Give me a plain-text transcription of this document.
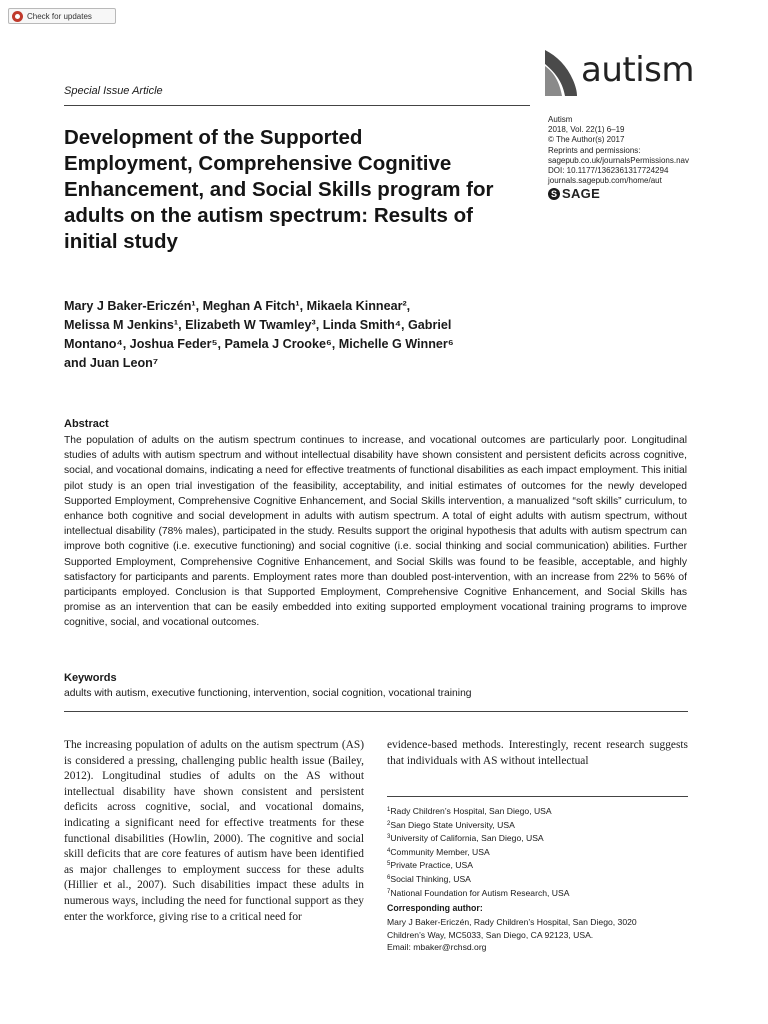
Check for updates
autism
Special Issue Article
Autism
2018, Vol. 22(1) 6–19
© The Author(s) 2017
Reprints and permissions:
sagepub.co.uk/journalsPermissions.nav
DOI: 10.1177/1362361317724294
journals.sagepub.com/home/aut
S SAGE
Development of the Supported
Employment, Comprehensive Cognitive
Enhancement, and Social Skills program for
adults on the autism spectrum: Results of
initial study
Mary J Baker-Ericzén¹, Meghan A Fitch¹, Mikaela Kinnear²,
Melissa M Jenkins¹, Elizabeth W Twamley³, Linda Smith⁴, Gabriel
Montano⁴, Joshua Feder⁵, Pamela J Crooke⁶, Michelle G Winner⁶
and Juan Leon⁷
Abstract

The population of adults on the autism spectrum continues to increase, and vocational outcomes are particularly poor. Longitudinal studies of adults with autism spectrum and without intellectual disability have shown consistent and persistent deficits across cognitive, social, and vocational domains, indicating a need for effective treatments of functional disabilities as each impact employment. This initial pilot study is an open trial investigation of the feasibility, acceptability, and initial estimates of outcomes for the newly developed Supported Employment, Comprehensive Cognitive Enhancement, and Social Skills intervention, a manualized “soft skills” curriculum, to enhance both cognitive and social development in adults with autism spectrum. A total of eight adults with autism spectrum, without intellectual disability (78% males), participated in the study. Results support the original hypothesis that adults with autism spectrum can improve both cognitive (i.e. executive functioning) and social cognitive (i.e. social thinking and social communication) abilities. Further Supported Employment, Comprehensive Cognitive Enhancement, and Social Skills was found to be feasible, acceptable, and highly satisfactory for participants and parents. Employment rates more than doubled post-intervention, with an increase from 22% to 56% of participants employed. Conclusion is that Supported Employment, Comprehensive Cognitive Enhancement, and Social Skills has promise as an intervention that can be easily embedded into exiting supported employment vocational training programs to improve cognitive, social, and vocational outcomes.

Keywords
adults with autism, executive functioning, intervention, social cognition, vocational training

The increasing population of adults on the autism spectrum (AS) is considered a pressing, challenging public health issue (Bailey, 2012). Longitudinal studies of adults on the AS without intellectual disability have shown consistent and persistent deficits across cognitive, social, and vocational domains, indicating a significant need for effective treatments for these functional disabilities (Howlin, 2000). The cognitive and social skill deficits that are core features of autism have been identified as major challenges to employment success for these adults (Hillier et al., 2007). Such disabilities impact these adults in numerous ways, including the need for functional support as they enter the workforce, giving rise to a critical need for

evidence-based methods. Interestingly, recent research suggests that individuals with AS without intellectual

$^1$Rady Children’s Hospital, San Diego, USA
$^2$San Diego State University, USA
$^3$University of California, San Diego, USA
$^4$Community Member, USA
$^5$Private Practice, USA
$^6$Social Thinking, USA
$^7$National Foundation for Autism Research, USA
Corresponding author:
Mary J Baker-Ericzén, Rady Children’s Hospital, San Diego, 3020
Children’s Way, MC5033, San Diego, CA 92123, USA.
Email: mbaker@rchsd.org
